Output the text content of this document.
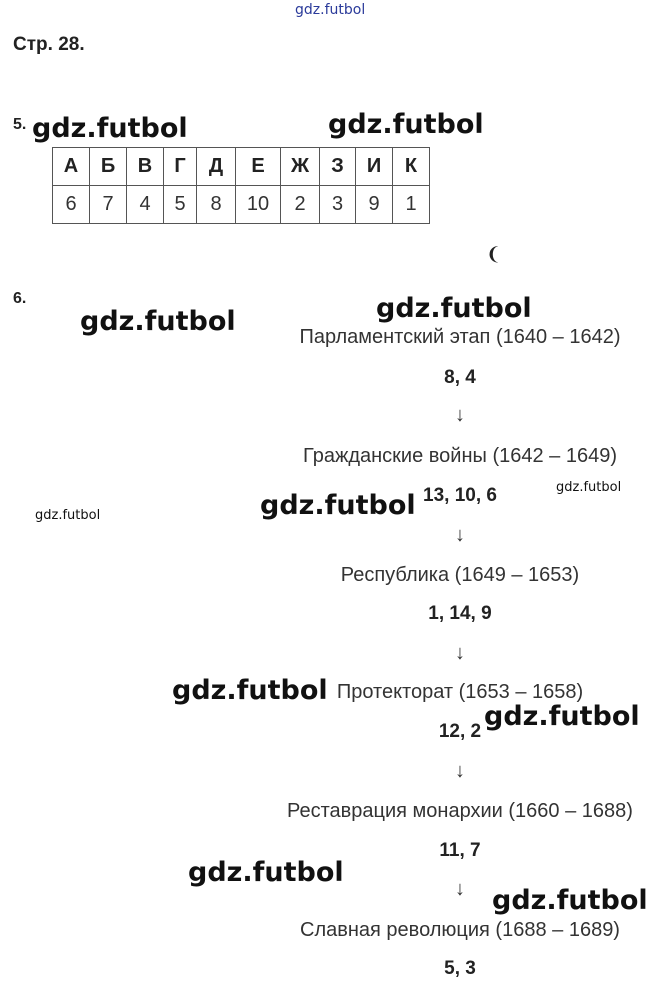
gdz.futbol
Стр. 28.
5.
А	Б	В	Г	Д	Е	Ж	З	И	К
6	7	4	5	8	10	2	3	9	1
❨
6.
Парламентский этап (1640 – 1642)
8, 4
↓
Гражданские войны (1642 – 1649)
13, 10, 6
↓
Республика (1649 – 1653)
1, 14, 9
↓
Протекторат (1653 – 1658)
12, 2
↓
Реставрация монархии (1660 – 1688)
11, 7
↓
Славная революция (1688 – 1689)
5, 3
gdz.futbol	gdz.futbol
gdz.futbol	gdz.futbol
gdz.futbol
gdz.futbol
gdz.futbol
gdz.futbol
gdz.futbol
gdz.futbol
gdz.futbol
